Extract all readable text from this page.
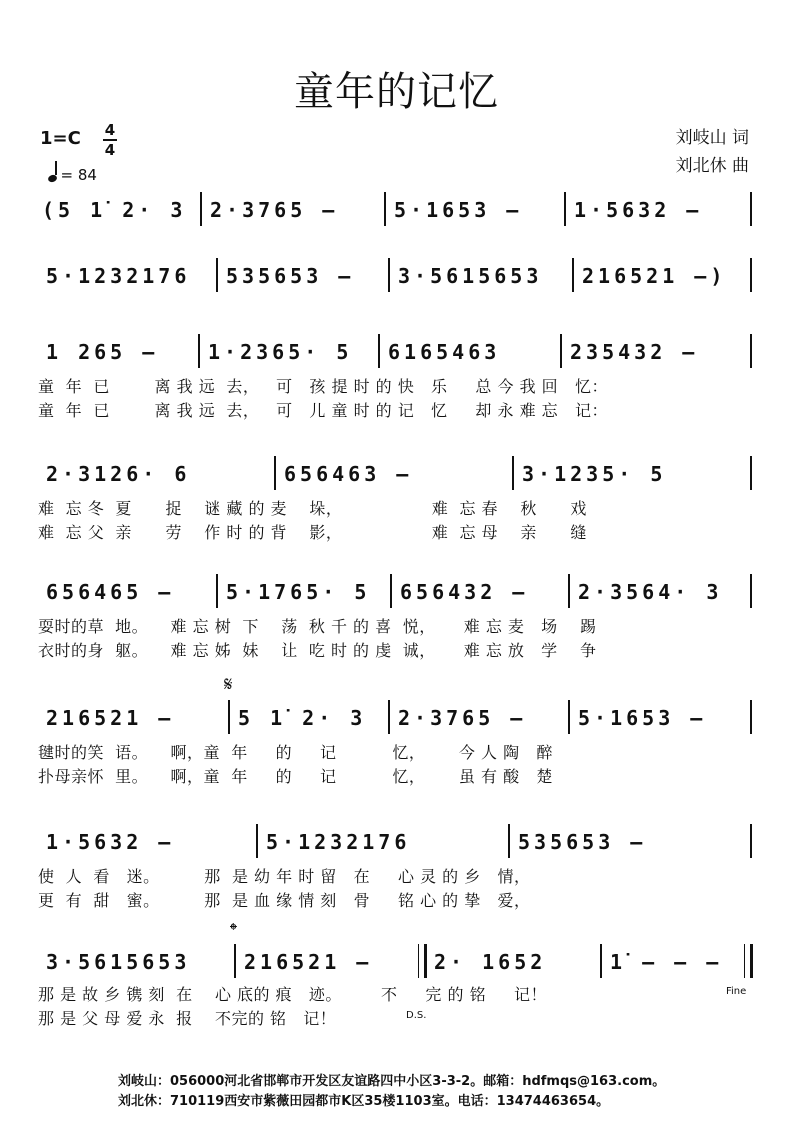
童年的记忆
1=C 4
4
= 84
刘岐山 词
刘北休 曲
(5 1̇ 2· 3 2·3765 –	5·1653 –	1·5632 –
5·1232176 535653 – 3·5615653 216521 –)
1 265 – 1·2365· 5 6165463	235432 –
童  年  已        离 我 远  去，   可   孩 提 时 的 快   乐     总 今 我 回   忆：
童  年  已        离 我 远  去，   可   儿 童 时 的 记   忆     却 永 难 忘   记：
2·3126· 6	656463 –	3·1235· 5
难  忘 冬  夏      捉    谜 藏 的 麦    垛，                难  忘 春    秋      戏
难  忘 父  亲      劳    作 时 的 背    影，                难  忘 母    亲      缝
656465 –	5·1765· 5 656432 – 2·3564· 3
耍时的草  地。    难 忘 树  下    荡  秋 千 的 喜  悦，     难 忘 麦   场    踢
衣时的身  躯。    难 忘 姊  妹    让  吃 时 的 虔  诚，     难 忘 放   学    争
𝄋
216521 –	5 1̇ 2· 3 2·3765 –	5·1653 –
毽时的笑  语。    啊，童  年     的     记          忆，      今 人 陶   醉
扑母亲怀  里。    啊，童  年     的     记          忆，      虽 有 酸   楚
1·5632 –	5·1232176	535653 –
使  人  看   迷。        那  是 幼 年 时 留   在     心 灵 的 乡   情，
更  有  甜   蜜。        那  是 血 缘 情 刻   骨     铭 心 的 挚   爱，
𝄌
3·5615653	216521 –	2· 1652	1̇ – – –
那 是 故 乡 镌 刻  在    心 底的 痕   迹。       不     完 的 铭     记！
那 是 父 母 爱 永  报    不完的 铭   记！
Fine
D.S.
刘岐山：056000河北省邯郸市开发区友谊路四中小区3-3-2。邮箱：hdfmqs@163.com。
刘北休：710119西安市紫薇田园都市K区35楼1103室。电话：13474463654。
